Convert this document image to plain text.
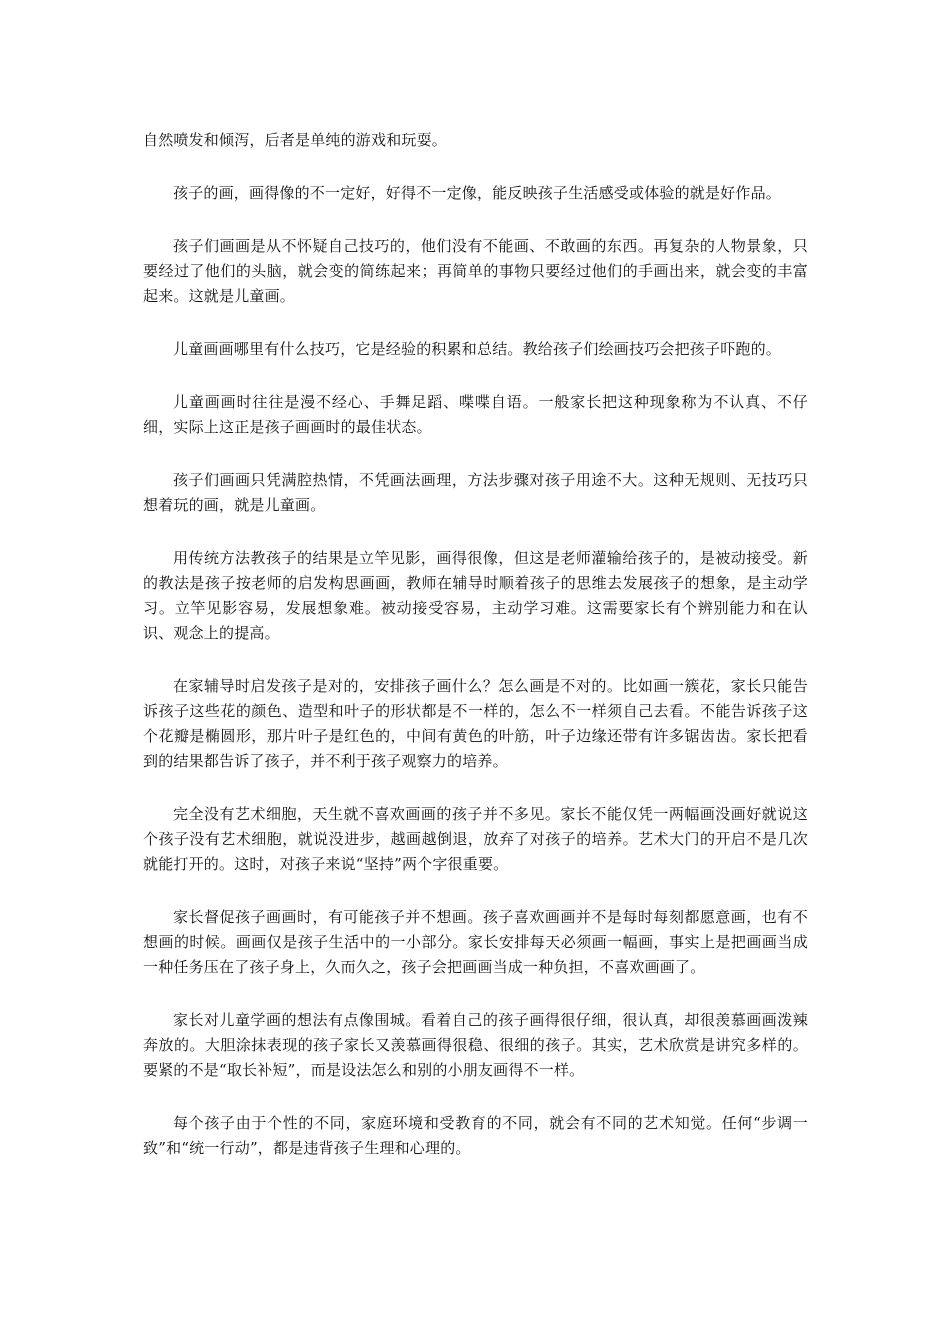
自然喷发和倾泻，后者是单纯的游戏和玩耍。

孩子的画，画得像的不一定好，好得不一定像，能反映孩子生活感受或体验的就是好作品。

孩子们画画是从不怀疑自己技巧的，他们没有不能画、不敢画的东西。再复杂的人物景象，只要经过了他们的头脑，就会变的简练起来；再简单的事物只要经过他们的手画出来，就会变的丰富起来。这就是儿童画。

儿童画画哪里有什么技巧，它是经验的积累和总结。教给孩子们绘画技巧会把孩子吓跑的。

儿童画画时往往是漫不经心、手舞足蹈、喋喋自语。一般家长把这种现象称为不认真、不仔细，实际上这正是孩子画画时的最佳状态。

孩子们画画只凭满腔热情，不凭画法画理，方法步骤对孩子用途不大。这种无规则、无技巧只想着玩的画，就是儿童画。

用传统方法教孩子的结果是立竿见影，画得很像，但这是老师灌输给孩子的，是被动接受。新的教法是孩子按老师的启发构思画画，教师在辅导时顺着孩子的思维去发展孩子的想象，是主动学习。立竿见影容易，发展想象难。被动接受容易，主动学习难。这需要家长有个辨别能力和在认识、观念上的提高。

在家辅导时启发孩子是对的，安排孩子画什么？怎么画是不对的。比如画一簇花，家长只能告诉孩子这些花的颜色、造型和叶子的形状都是不一样的，怎么不一样须自己去看。不能告诉孩子这个花瓣是椭圆形，那片叶子是红色的，中间有黄色的叶筋，叶子边缘还带有许多锯齿齿。家长把看到的结果都告诉了孩子，并不利于孩子观察力的培养。

完全没有艺术细胞，天生就不喜欢画画的孩子并不多见。家长不能仅凭一两幅画没画好就说这个孩子没有艺术细胞，就说没进步，越画越倒退，放弃了对孩子的培养。艺术大门的开启不是几次就能打开的。这时，对孩子来说“坚持”两个字很重要。

家长督促孩子画画时，有可能孩子并不想画。孩子喜欢画画并不是每时每刻都愿意画，也有不想画的时候。画画仅是孩子生活中的一小部分。家长安排每天必须画一幅画，事实上是把画画当成一种任务压在了孩子身上，久而久之，孩子会把画画当成一种负担，不喜欢画画了。

家长对儿童学画的想法有点像围城。看着自己的孩子画得很仔细，很认真，却很羡慕画画泼辣奔放的。大胆涂抹表现的孩子家长又羡慕画得很稳、很细的孩子。其实，艺术欣赏是讲究多样的。要紧的不是“取长补短”，而是设法怎么和别的小朋友画得不一样。

每个孩子由于个性的不同，家庭环境和受教育的不同，就会有不同的艺术知觉。任何“步调一致”和“统一行动”，都是违背孩子生理和心理的。
